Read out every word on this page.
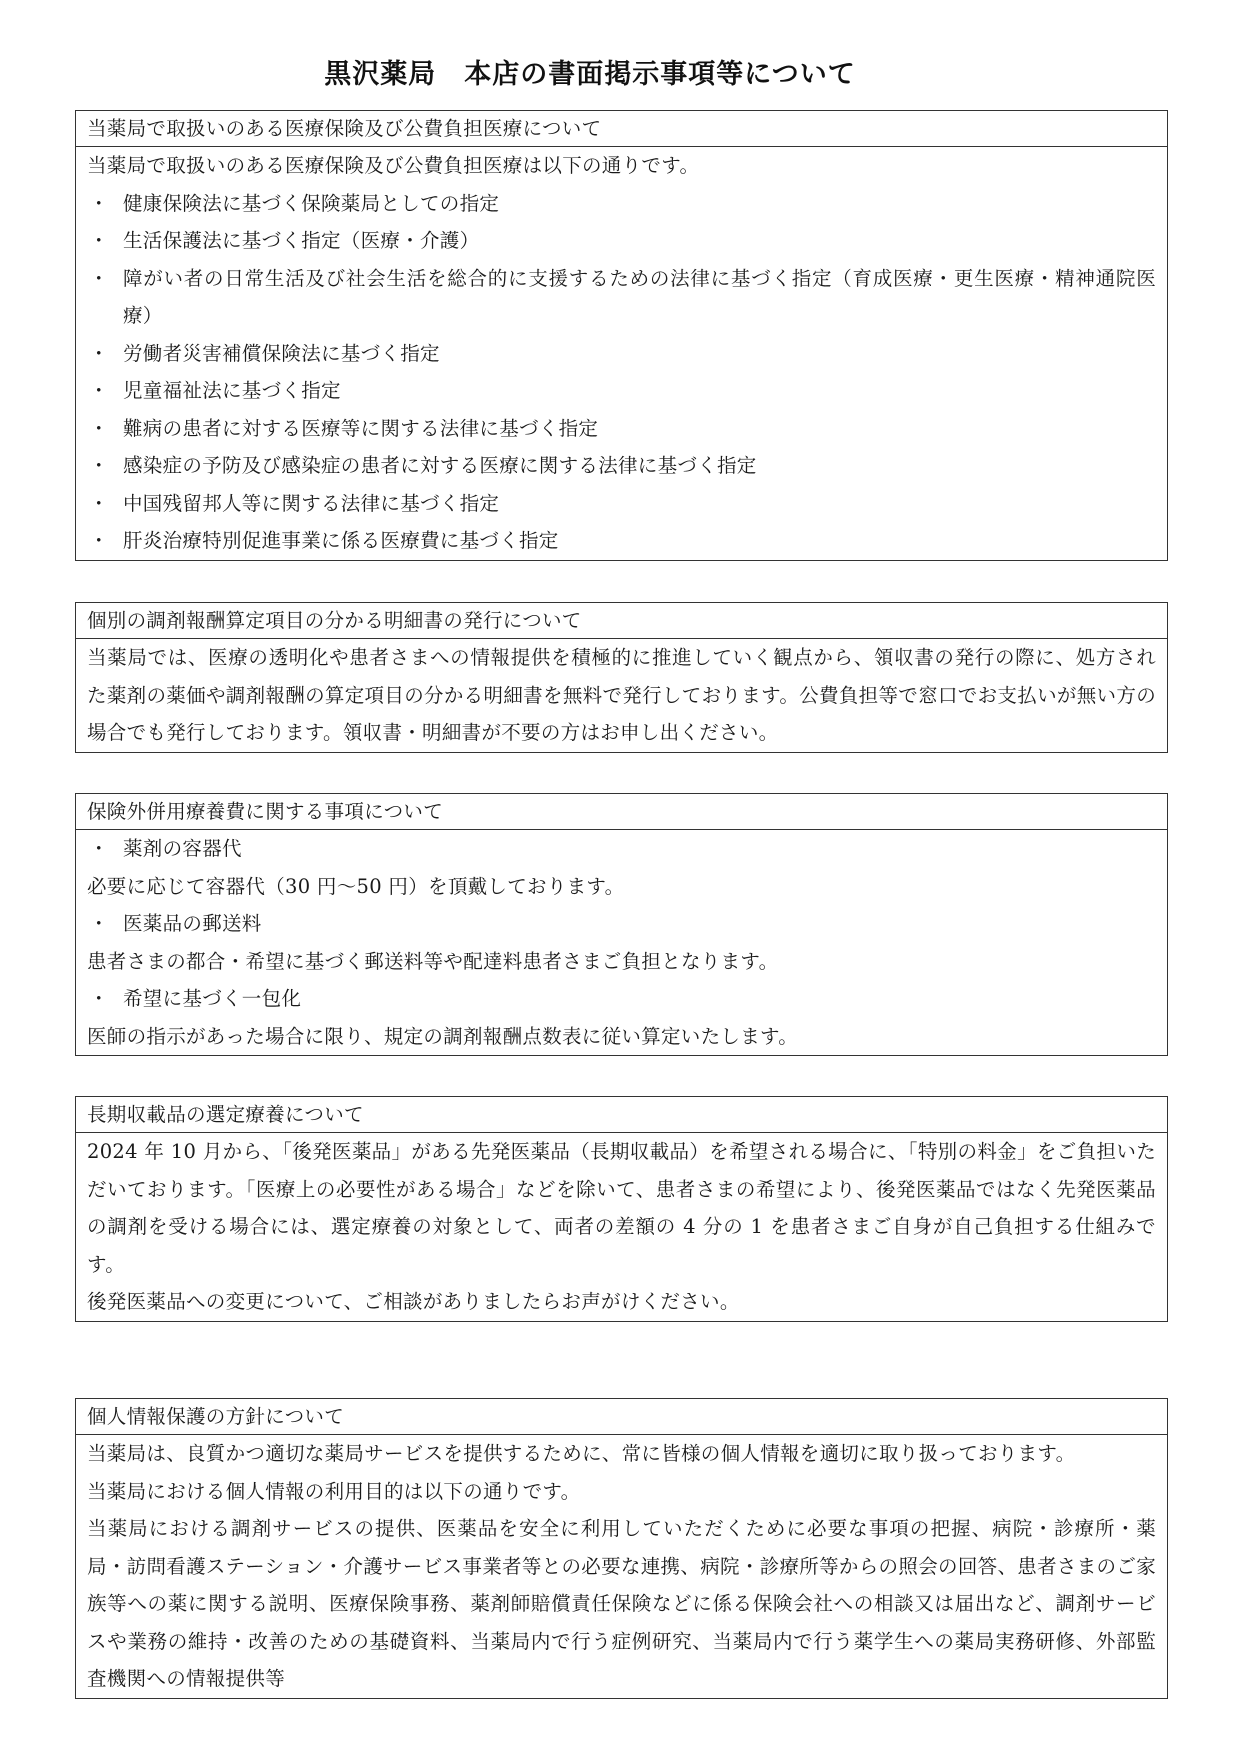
黒沢薬局　本店の書面掲示事項等について
当薬局で取扱いのある医療保険及び公費負担医療について
当薬局で取扱いのある医療保険及び公費負担医療は以下の通りです。
・ 健康保険法に基づく保険薬局としての指定
・ 生活保護法に基づく指定（医療・介護）
・ 障がい者の日常生活及び社会生活を総合的に支援するための法律に基づく指定（育成医療・更生医療・精神通院医療）
・ 労働者災害補償保険法に基づく指定
・ 児童福祉法に基づく指定
・ 難病の患者に対する医療等に関する法律に基づく指定
・ 感染症の予防及び感染症の患者に対する医療に関する法律に基づく指定
・ 中国残留邦人等に関する法律に基づく指定
・ 肝炎治療特別促進事業に係る医療費に基づく指定
個別の調剤報酬算定項目の分かる明細書の発行について
当薬局では、医療の透明化や患者さまへの情報提供を積極的に推進していく観点から、領収書の発行の際に、処方された薬剤の薬価や調剤報酬の算定項目の分かる明細書を無料で発行しております。公費負担等で窓口でお支払いが無い方の場合でも発行しております。領収書・明細書が不要の方はお申し出ください。
保険外併用療養費に関する事項について
・ 薬剤の容器代
必要に応じて容器代（30 円～50 円）を頂戴しております。
・ 医薬品の郵送料
患者さまの都合・希望に基づく郵送料等や配達料患者さまご負担となります。
・ 希望に基づく一包化
医師の指示があった場合に限り、規定の調剤報酬点数表に従い算定いたします。
長期収載品の選定療養について
2024 年 10 月から、「後発医薬品」がある先発医薬品（長期収載品）を希望される場合に、「特別の料金」をご負担いただいております。「医療上の必要性がある場合」などを除いて、患者さまの希望により、後発医薬品ではなく先発医薬品の調剤を受ける場合には、選定療養の対象として、両者の差額の 4 分の 1 を患者さまご自身が自己負担する仕組みです。
後発医薬品への変更について、ご相談がありましたらお声がけください。
個人情報保護の方針について
当薬局は、良質かつ適切な薬局サービスを提供するために、常に皆様の個人情報を適切に取り扱っております。
当薬局における個人情報の利用目的は以下の通りです。
当薬局における調剤サービスの提供、医薬品を安全に利用していただくために必要な事項の把握、病院・診療所・薬局・訪問看護ステーション・介護サービス事業者等との必要な連携、病院・診療所等からの照会の回答、患者さまのご家族等への薬に関する説明、医療保険事務、薬剤師賠償責任保険などに係る保険会社への相談又は届出など、調剤サービスや業務の維持・改善のための基礎資料、当薬局内で行う症例研究、当薬局内で行う薬学生への薬局実務研修、外部監査機関への情報提供等
